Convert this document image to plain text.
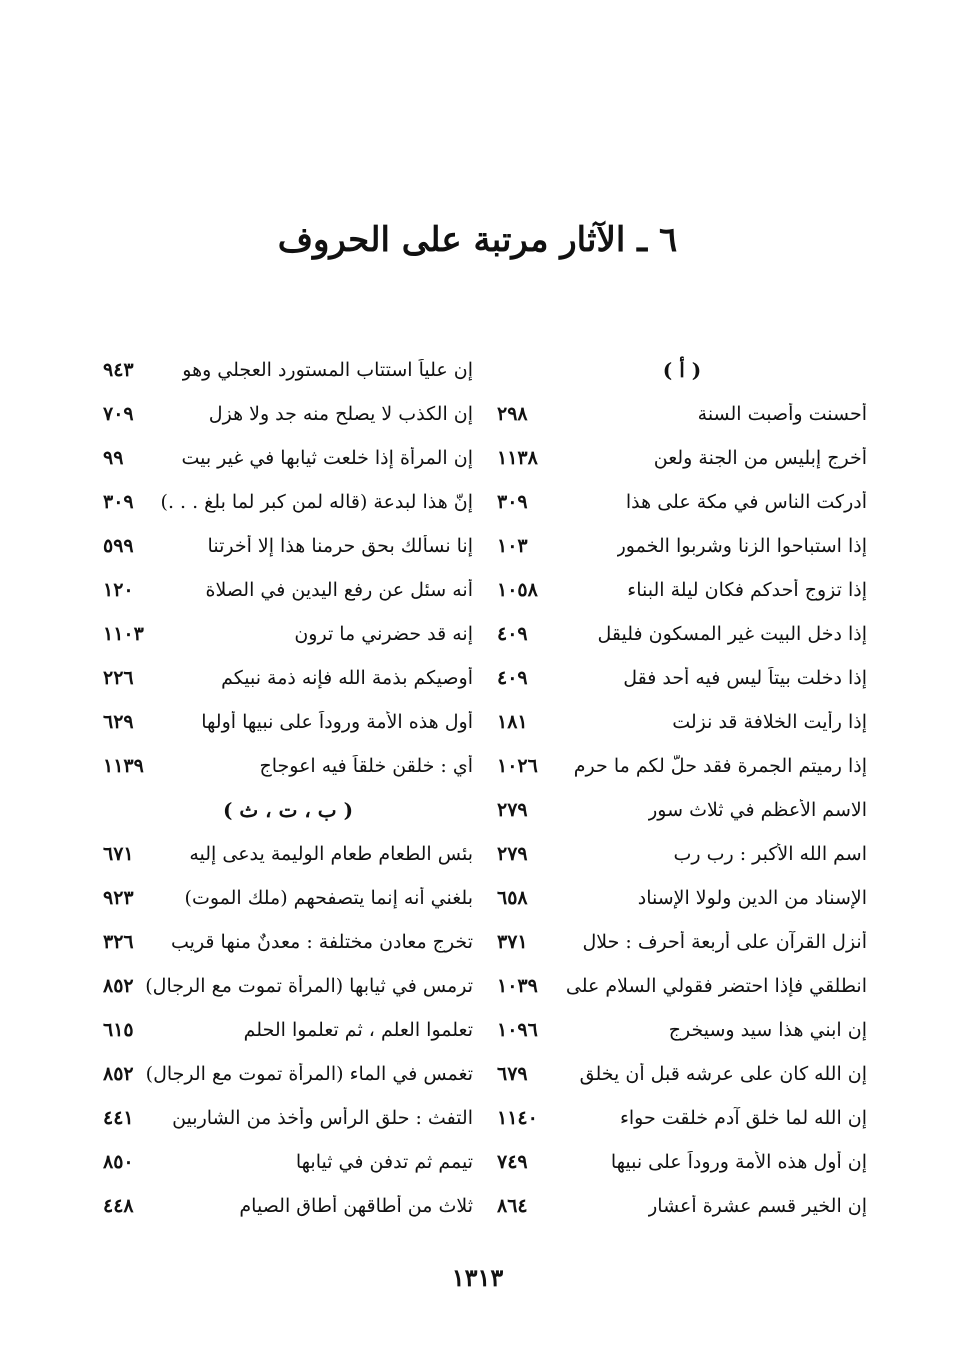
٦ ـ الآثار مرتبة على الحروف
( أ )
أحسنت وأصبت السنة
٢٩٨
أخرج إبليس من الجنة ولعن
١١٣٨
أدركت الناس في مكة على هذا
٣٠٩
إذا استباحوا الزنا وشربوا الخمور
١٠٣
إذا تزوج أحدكم فكان ليلة البناء
١٠٥٨
إذا دخل البيت غير المسكون فليقل
٤٠٩
إذا دخلت بيتاً ليس فيه أحد فقل
٤٠٩
إذا رأيت الخلافة قد نزلت
١٨١
إذا رميتم الجمرة فقد حلّ لكم ما حرم
١٠٢٦
الاسم الأعظم في ثلاث سور
٢٧٩
اسم الله الأكبر : رب رب
٢٧٩
الإسناد من الدين ولولا الإسناد
٦٥٨
أنزل القرآن على أربعة أحرف : حلال
٣٧١
انطلقي فإذا احتضر فقولي السلام على
١٠٣٩
إن ابني هذا سيد وسيخرج
١٠٩٦
إن الله كان على عرشه قبل أن يخلق
٦٧٩
إن الله لما خلق آدم خلقت حواء
١١٤٠
إن أول هذه الأمة وروداً على نبيها
٧٤٩
إن الخير قسم عشرة أعشار
٨٦٤
إن علياً استتاب المستورد العجلي وهو
٩٤٣
إن الكذب لا يصلح منه جد ولا هزل
٧٠٩
إن المرأة إذا خلعت ثيابها في غير بيت
٩٩
إنّ هذا لبدعة (قاله لمن كبر لما بلغ . . .)
٣٠٩
إنا نسألك بحق حرمنا هذا إلا أخرتنا
٥٩٩
أنه سئل عن رفع اليدين في الصلاة
١٢٠
إنه قد حضرني ما ترون
١١٠٣
أوصيكم بذمة الله فإنه ذمة نبيكم
٢٢٦
أول هذه الأمة وروداً على نبيها أولها
٦٢٩
أي : خلقن خلقاً فيه اعوجاج
١١٣٩
( ب ، ت ، ث )
بئس الطعام طعام الوليمة يدعى إليه
٦٧١
بلغني أنه إنما يتصفحهم (ملك الموت)
٩٢٣
تخرج معادن مختلفة : معدنٌ منها قريب
٣٢٦
ترمس في ثيابها (المرأة تموت مع الرجال)
٨٥٢
تعلموا العلم ، ثم تعلموا الحلم
٦١٥
تغمس في الماء (المرأة تموت مع الرجال)
٨٥٢
التفث : حلق الرأس وأخذ من الشاربين
٤٤١
تيمم ثم تدفن في ثيابها
٨٥٠
ثلاث من أطاقهن أطاق الصيام
٤٤٨
١٣١٣
